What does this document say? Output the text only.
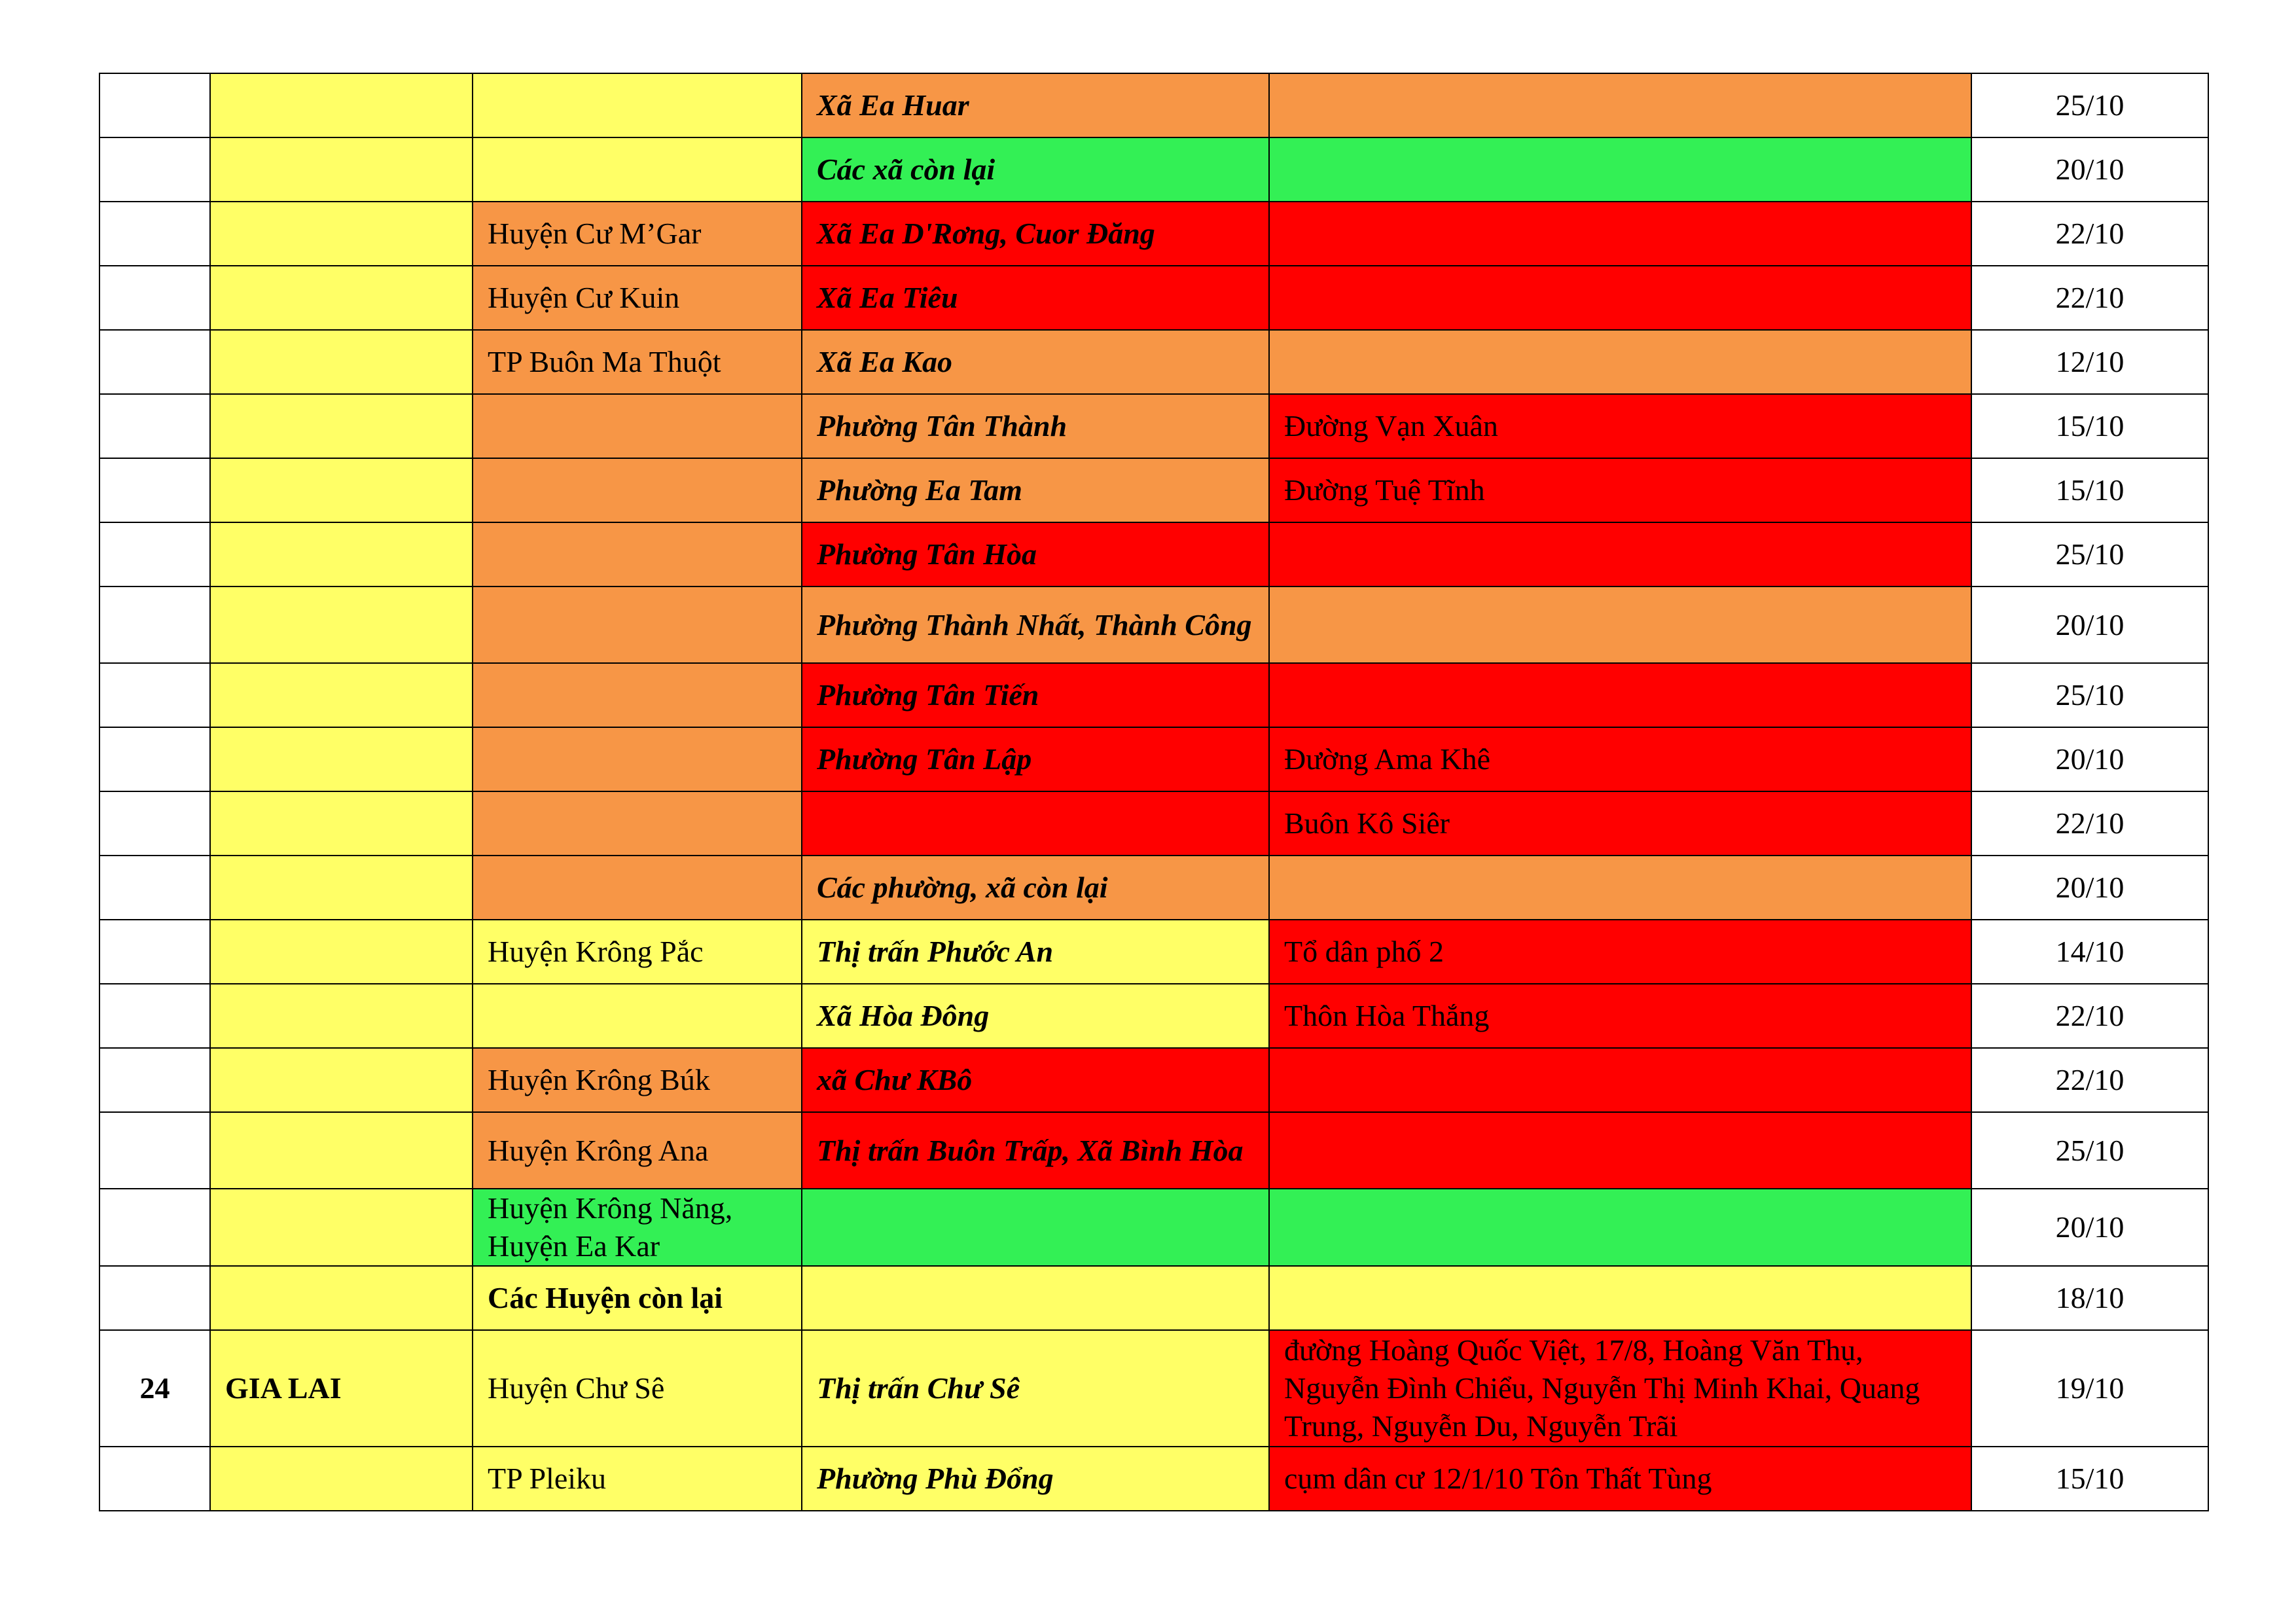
			Xã Ea Huar		25/10
			Các xã còn lại		20/10
		Huyện Cư M’Gar	Xã Ea D'Rơng, Cuor Đăng		22/10
		Huyện Cư Kuin	Xã Ea Tiêu		22/10
		TP Buôn Ma Thuột	Xã Ea Kao		12/10
			Phường Tân Thành	Đường Vạn Xuân	15/10
			Phường Ea Tam	Đường Tuệ Tĩnh	15/10
			Phường Tân Hòa		25/10
			Phường Thành Nhất, Thành Công		20/10
			Phường Tân Tiến		25/10
			Phường Tân Lập	Đường Ama Khê	20/10
				Buôn Kô Siêr	22/10
			Các phường, xã còn lại		20/10
		Huyện Krông Pắc	Thị trấn Phước An	Tổ dân phố 2	14/10
			Xã Hòa Đông	Thôn Hòa Thắng	22/10
		Huyện Krông Búk	xã Chư KBô		22/10
		Huyện Krông Ana	Thị trấn Buôn Trấp, Xã Bình Hòa		25/10
		Huyện Krông Năng, Huyện Ea Kar			20/10
		Các Huyện còn lại			18/10
24	GIA LAI	Huyện Chư Sê	Thị trấn Chư Sê	đường Hoàng Quốc Việt, 17/8, Hoàng Văn Thụ, Nguyễn Đình Chiểu, Nguyễn Thị Minh Khai, Quang Trung, Nguyễn Du, Nguyễn Trãi	19/10
		TP Pleiku	Phường Phù Đổng	cụm dân cư 12/1/10 Tôn Thất Tùng	15/10
